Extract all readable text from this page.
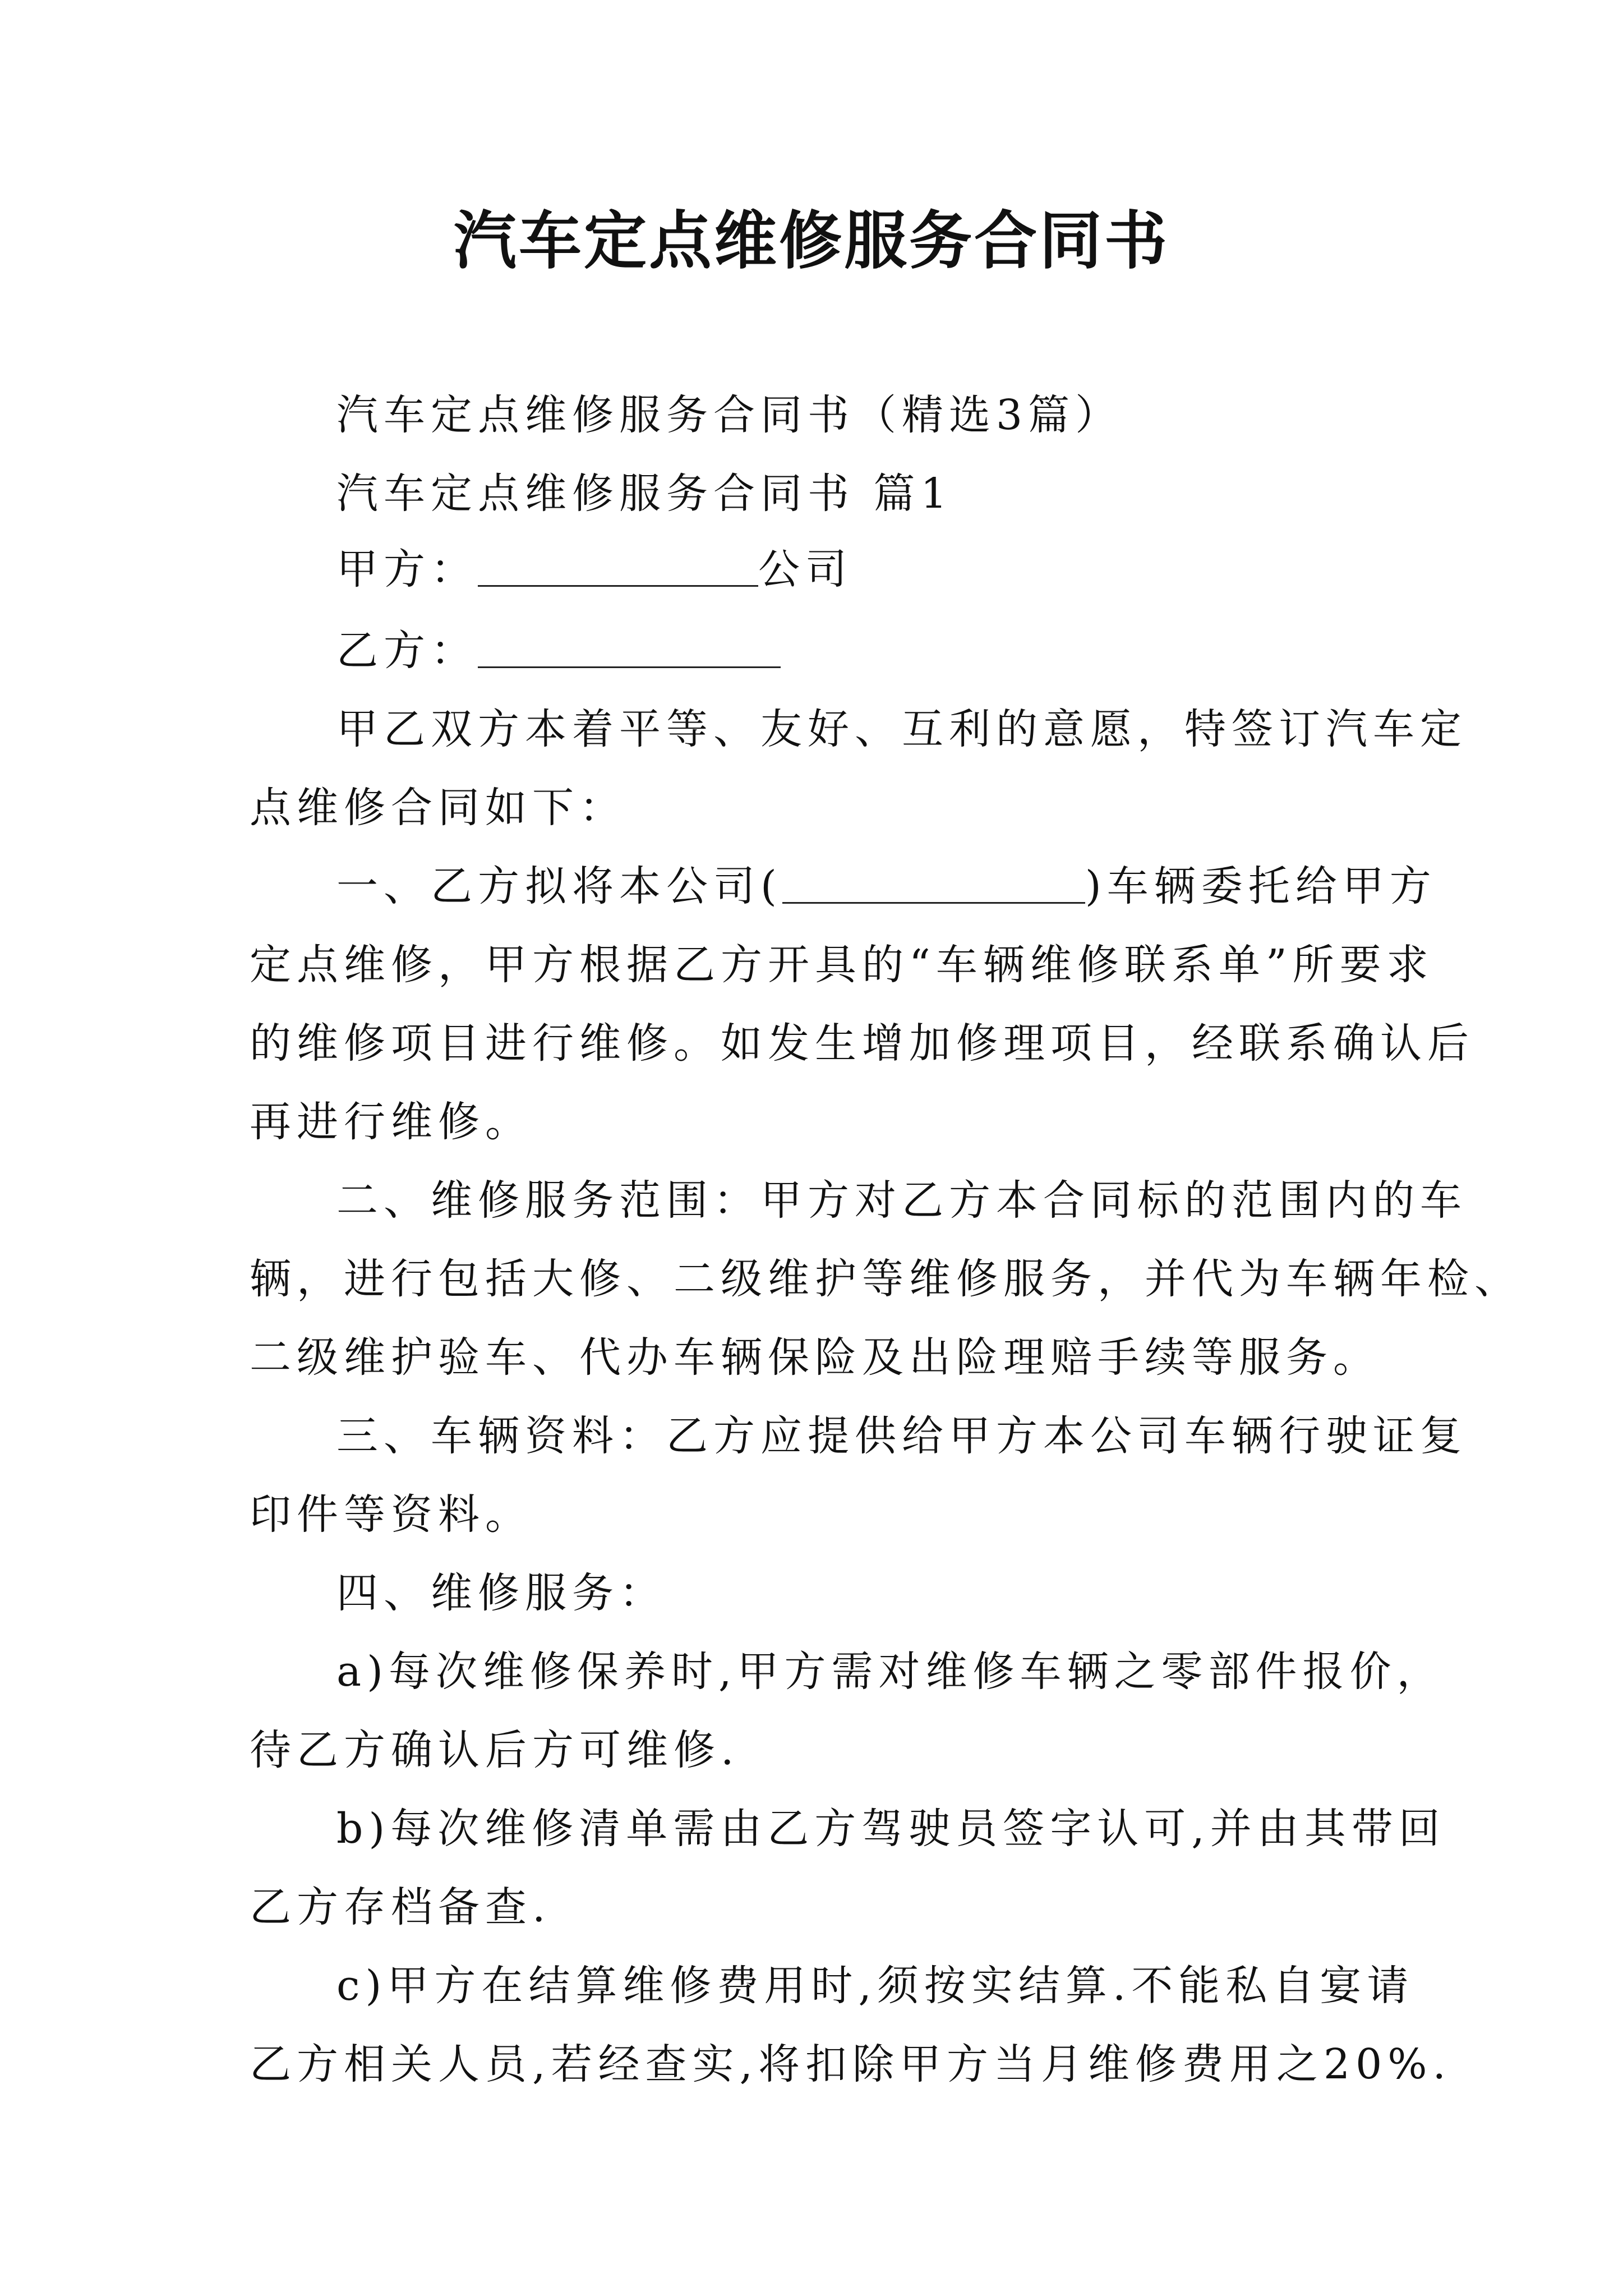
汽车定点维修服务合同书
汽车定点维修服务合同书（精选3篇）
汽车定点维修服务合同书 篇1
甲方：	公司
乙方：
甲乙双方本着平等、友好、互利的意愿，特签订汽车定
点维修合同如下：
一、乙方拟将本公司(	)车辆委托给甲方
定点维修，甲方根据乙方开具的“车辆维修联系单”所要求
的维修项目进行维修。如发生增加修理项目，经联系确认后
再进行维修。
二、维修服务范围：甲方对乙方本合同标的范围内的车
辆，进行包括大修、二级维护等维修服务，并代为车辆年检、
二级维护验车、代办车辆保险及出险理赔手续等服务。
三、车辆资料：乙方应提供给甲方本公司车辆行驶证复
印件等资料。
四、维修服务：
a)每次维修保养时,甲方需对维修车辆之零部件报价，
待乙方确认后方可维修.
b)每次维修清单需由乙方驾驶员签字认可,并由其带回
乙方存档备查.
c)甲方在结算维修费用时,须按实结算.不能私自宴请
乙方相关人员,若经查实,将扣除甲方当月维修费用之20%.
